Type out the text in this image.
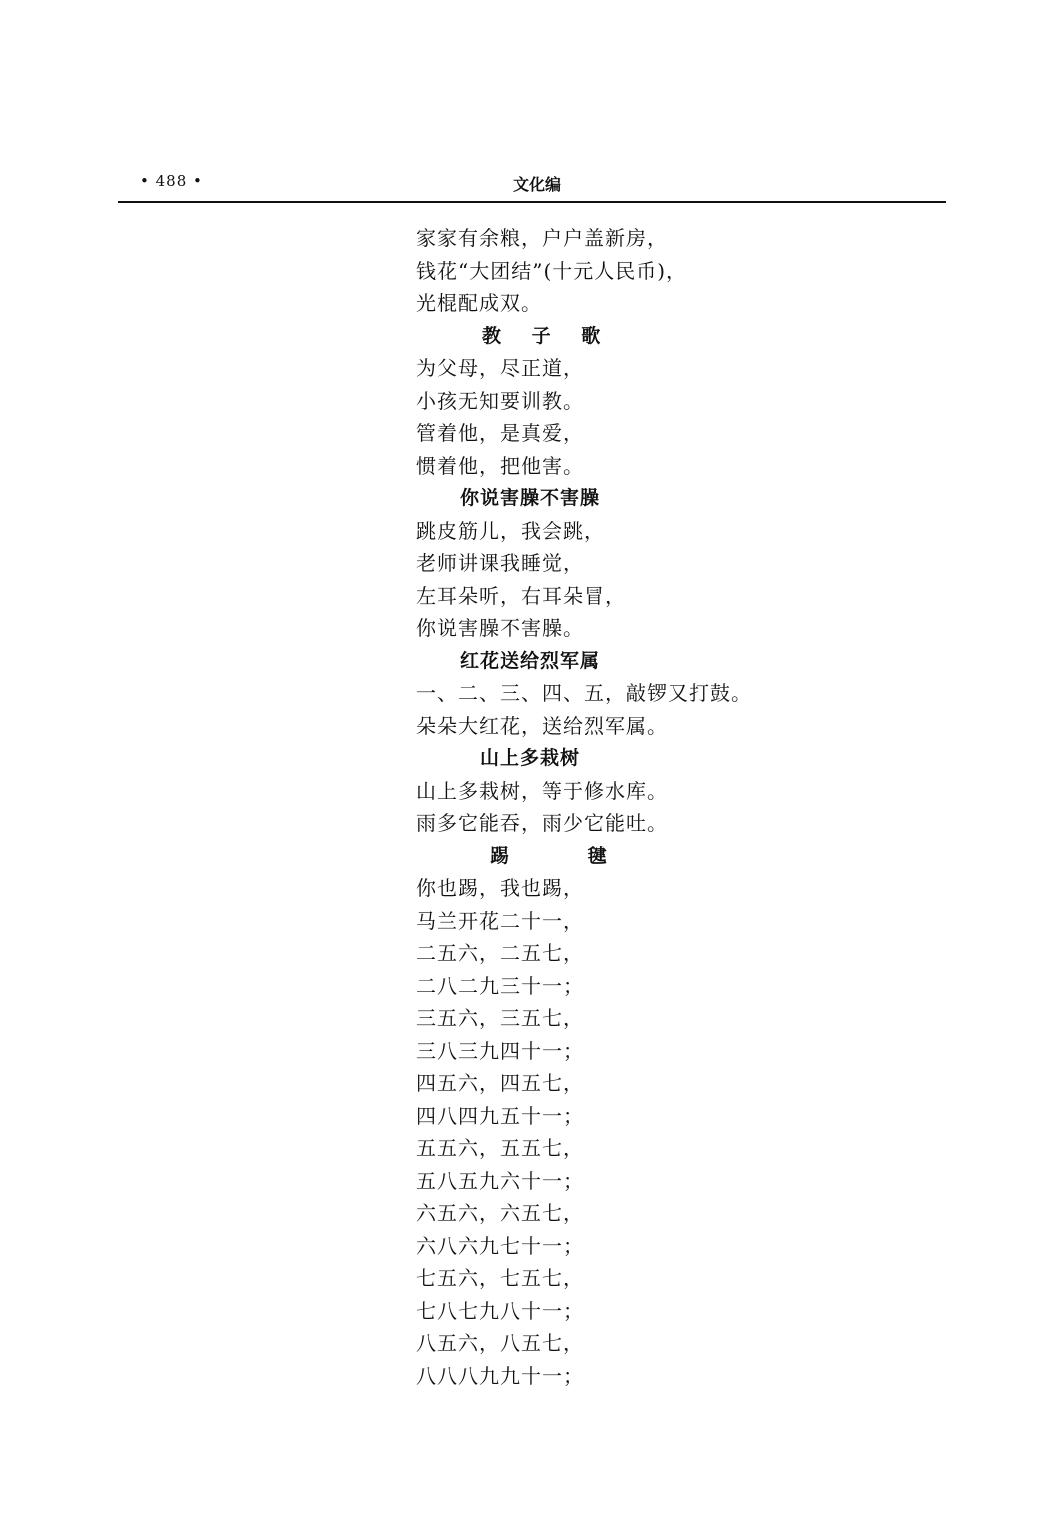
• 488 •	文化编
家家有余粮，户户盖新房，
钱花“大团结”(十元人民币)，
光棍配成双。
教 子 歌
为父母，尽正道，
小孩无知要训教。
管着他，是真爱，
惯着他，把他害。
你说害臊不害臊
跳皮筋儿，我会跳，
老师讲课我睡觉，
左耳朵听，右耳朵冒，
你说害臊不害臊。
红花送给烈军属
一、二、三、四、五，敲锣又打鼓。
朵朵大红花，送给烈军属。
山上多栽树
山上多栽树，等于修水库。
雨多它能吞，雨少它能吐。
踢 毽
你也踢，我也踢，
马兰开花二十一，
二五六，二五七，
二八二九三十一；
三五六，三五七，
三八三九四十一；
四五六，四五七，
四八四九五十一；
五五六，五五七，
五八五九六十一；
六五六，六五七，
六八六九七十一；
七五六，七五七，
七八七九八十一；
八五六，八五七，
八八八九九十一；
